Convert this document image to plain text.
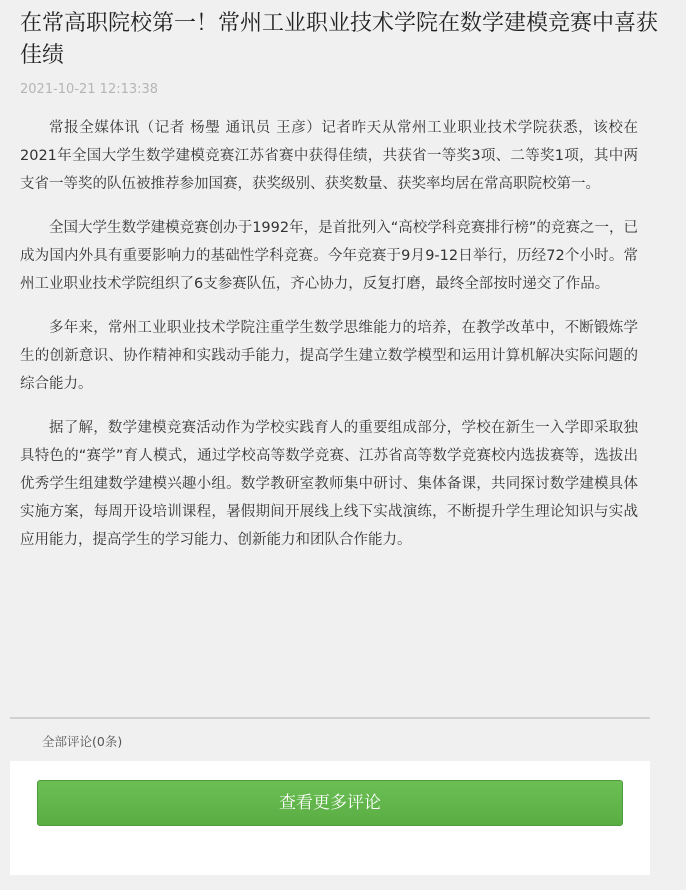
在常高职院校第一！常州工业职业技术学院在数学建模竞赛中喜获佳绩
2021-10-21 12:13:38

常报全媒体讯（记者 杨璺 通讯员 王彦）记者昨天从常州工业职业技术学院获悉，该校在2021年全国大学生数学建模竞赛江苏省赛中获得佳绩，共获省一等奖3项、二等奖1项，其中两支省一等奖的队伍被推荐参加国赛，获奖级别、获奖数量、获奖率均居在常高职院校第一。

全国大学生数学建模竞赛创办于1992年，是首批列入“高校学科竞赛排行榜”的竞赛之一，已成为国内外具有重要影响力的基础性学科竞赛。今年竞赛于9月9-12日举行，历经72个小时。常州工业职业技术学院组织了6支参赛队伍，齐心协力，反复打磨，最终全部按时递交了作品。

多年来，常州工业职业技术学院注重学生数学思维能力的培养，在教学改革中，不断锻炼学生的创新意识、协作精神和实践动手能力，提高学生建立数学模型和运用计算机解决实际问题的综合能力。

据了解，数学建模竞赛活动作为学校实践育人的重要组成部分，学校在新生一入学即采取独具特色的“赛学”育人模式，通过学校高等数学竞赛、江苏省高等数学竞赛校内选拔赛等，选拔出优秀学生组建数学建模兴趣小组。数学教研室教师集中研讨、集体备课，共同探讨数学建模具体实施方案，每周开设培训课程，暑假期间开展线上线下实战演练，不断提升学生理论知识与实战应用能力，提高学生的学习能力、创新能力和团队合作能力。

全部评论(0条)
查看更多评论
